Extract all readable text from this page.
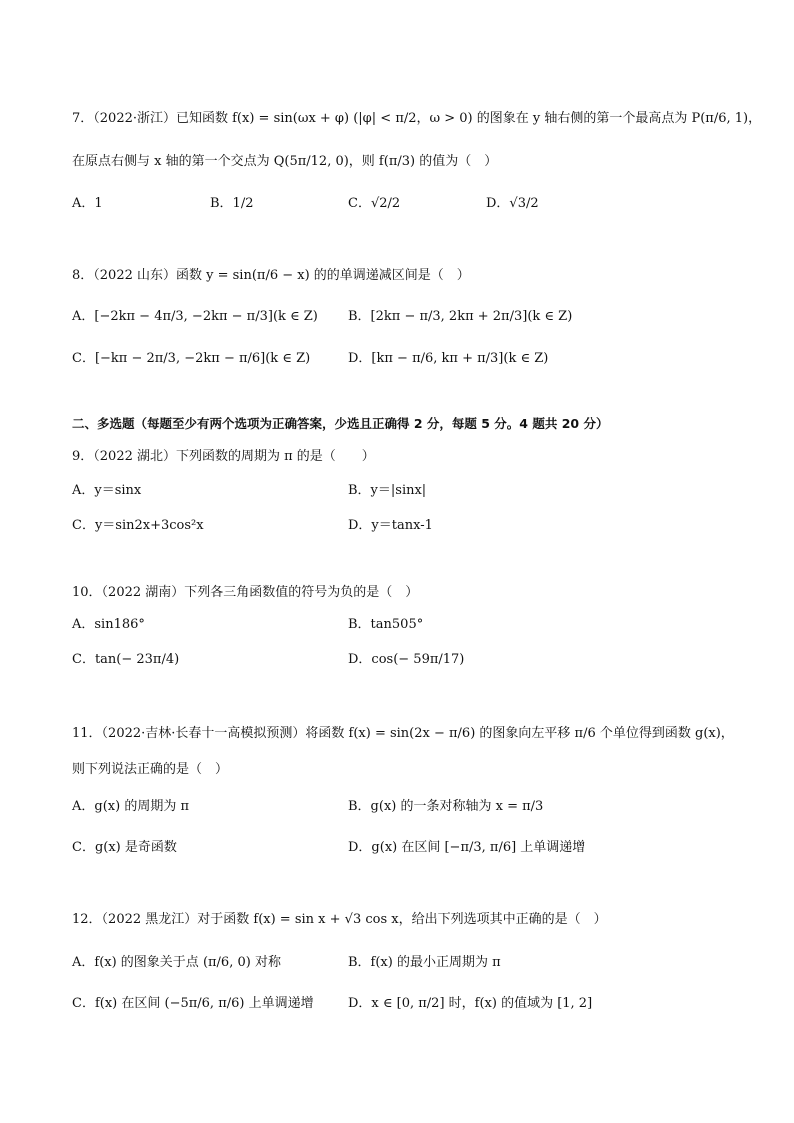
7．（2022·浙江）已知函数 f(x) = sin(ωx + φ) (|φ| < π/2，ω > 0) 的图象在 y 轴右侧的第一个最高点为 P(π/6, 1)，
在原点右侧与 x 轴的第一个交点为 Q(5π/12, 0)，则 f(π/3) 的值为（　）
A．1	B．1/2	C．√2/2	D．√3/2
8．（2022 山东）函数 y = sin(π/6 − x) 的的单调递减区间是（　）
A．[−2kπ − 4π/3, −2kπ − π/3](k ∈ Z) B．[2kπ − π/3, 2kπ + 2π/3](k ∈ Z)
C．[−kπ − 2π/3, −2kπ − π/6](k ∈ Z)	D．[kπ − π/6, kπ + π/3](k ∈ Z)
二、多选题（每题至少有两个选项为正确答案，少选且正确得 2 分，每题 5 分。4 题共 20 分）
9．（2022 湖北）下列函数的周期为 π 的是（　　）
A．y＝sinx	B．y＝|sinx|
C．y＝sin2x+3cos²x	D．y＝tanx-1
10．（2022 湖南）下列各三角函数值的符号为负的是（　）
A．sin186°	B．tan505°
C．tan(− 23π/4)	D．cos(− 59π/17)
11．（2022·吉林·长春十一高模拟预测）将函数 f(x) = sin(2x − π/6) 的图象向左平移 π/6 个单位得到函数 g(x)，
则下列说法正确的是（　）
A．g(x) 的周期为 π	B．g(x) 的一条对称轴为 x = π/3
C．g(x) 是奇函数	D．g(x) 在区间 [−π/3, π/6] 上单调递增
12．（2022 黑龙江）对于函数 f(x) = sin x + √3 cos x，给出下列选项其中正确的是（　）
A．f(x) 的图象关于点 (π/6, 0) 对称	B．f(x) 的最小正周期为 π
C．f(x) 在区间 (−5π/6, π/6) 上单调递增	D．x ∈ [0, π/2] 时，f(x) 的值域为 [1, 2]
